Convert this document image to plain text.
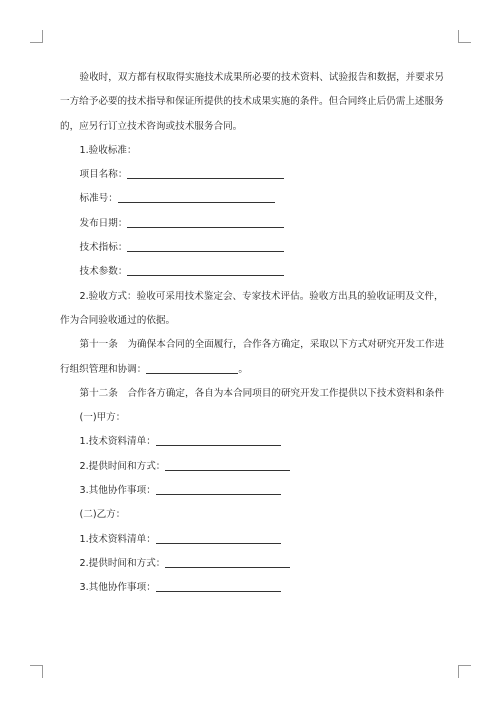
验收时，双方都有权取得实施技术成果所必要的技术资料、试验报告和数据，并要求另一方给予必要的技术指导和保证所提供的技术成果实施的条件。但合同终止后仍需上述服务的，应另行订立技术咨询或技术服务合同。

1.验收标准：

项目名称：

标准号：

发布日期：

技术指标：

技术参数：

2.验收方式：验收可采用技术鉴定会、专家技术评估。验收方出具的验收证明及文件，作为合同验收通过的依据。

第十一条　为确保本合同的全面履行，合作各方确定，采取以下方式对研究开发工作进行组织管理和协调：	。

第十二条　合作各方确定，各自为本合同项目的研究开发工作提供以下技术资料和条件

(一)甲方：

1.技术资料清单：

2.提供时间和方式：

3.其他协作事项：

(二)乙方：

1.技术资料清单：

2.提供时间和方式：

3.其他协作事项：
